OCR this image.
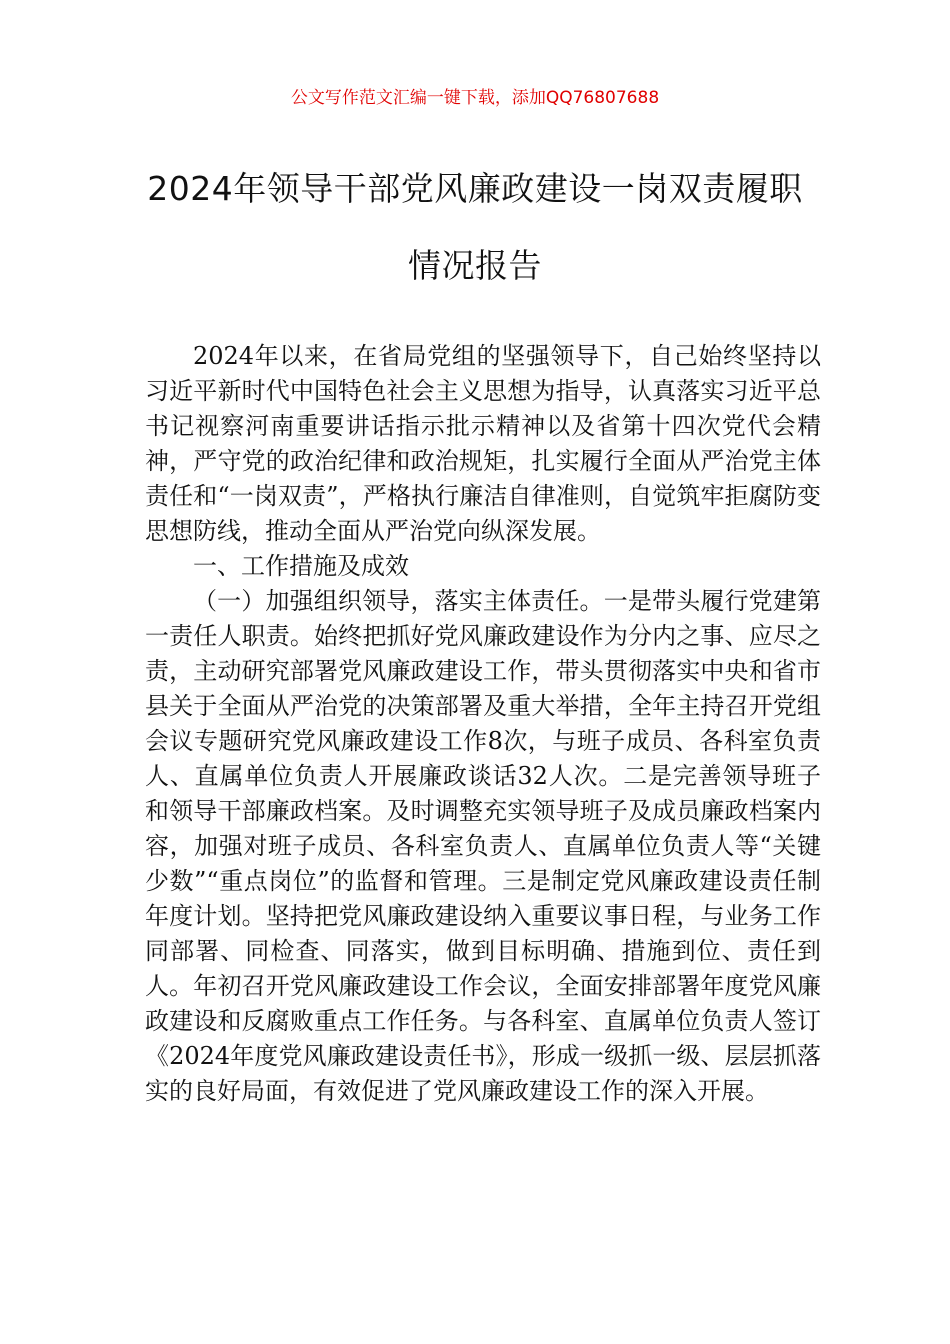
公文写作范文汇编一键下载，添加QQ76807688
2024年领导干部党风廉政建设一岗双责履职情况报告

2024年以来，在省局党组的坚强领导下，自己始终坚持以习近平新时代中国特色社会主义思想为指导，认真落实习近平总书记视察河南重要讲话指示批示精神以及省第十四次党代会精神，严守党的政治纪律和政治规矩，扎实履行全面从严治党主体责任和“一岗双责”，严格执行廉洁自律准则，自觉筑牢拒腐防变思想防线，推动全面从严治党向纵深发展。

一、工作措施及成效

（一）加强组织领导，落实主体责任。一是带头履行党建第一责任人职责。始终把抓好党风廉政建设作为分内之事、应尽之责，主动研究部署党风廉政建设工作，带头贯彻落实中央和省市县关于全面从严治党的决策部署及重大举措，全年主持召开党组会议专题研究党风廉政建设工作8次，与班子成员、各科室负责人、直属单位负责人开展廉政谈话32人次。二是完善领导班子和领导干部廉政档案。及时调整充实领导班子及成员廉政档案内容，加强对班子成员、各科室负责人、直属单位负责人等“关键少数”“重点岗位”的监督和管理。三是制定党风廉政建设责任制年度计划。坚持把党风廉政建设纳入重要议事日程，与业务工作同部署、同检查、同落实，做到目标明确、措施到位、责任到人。年初召开党风廉政建设工作会议，全面安排部署年度党风廉政建设和反腐败重点工作任务。与各科室、直属单位负责人签订《2024年度党风廉政建设责任书》，形成一级抓一级、层层抓落实的良好局面，有效促进了党风廉政建设工作的深入开展。
